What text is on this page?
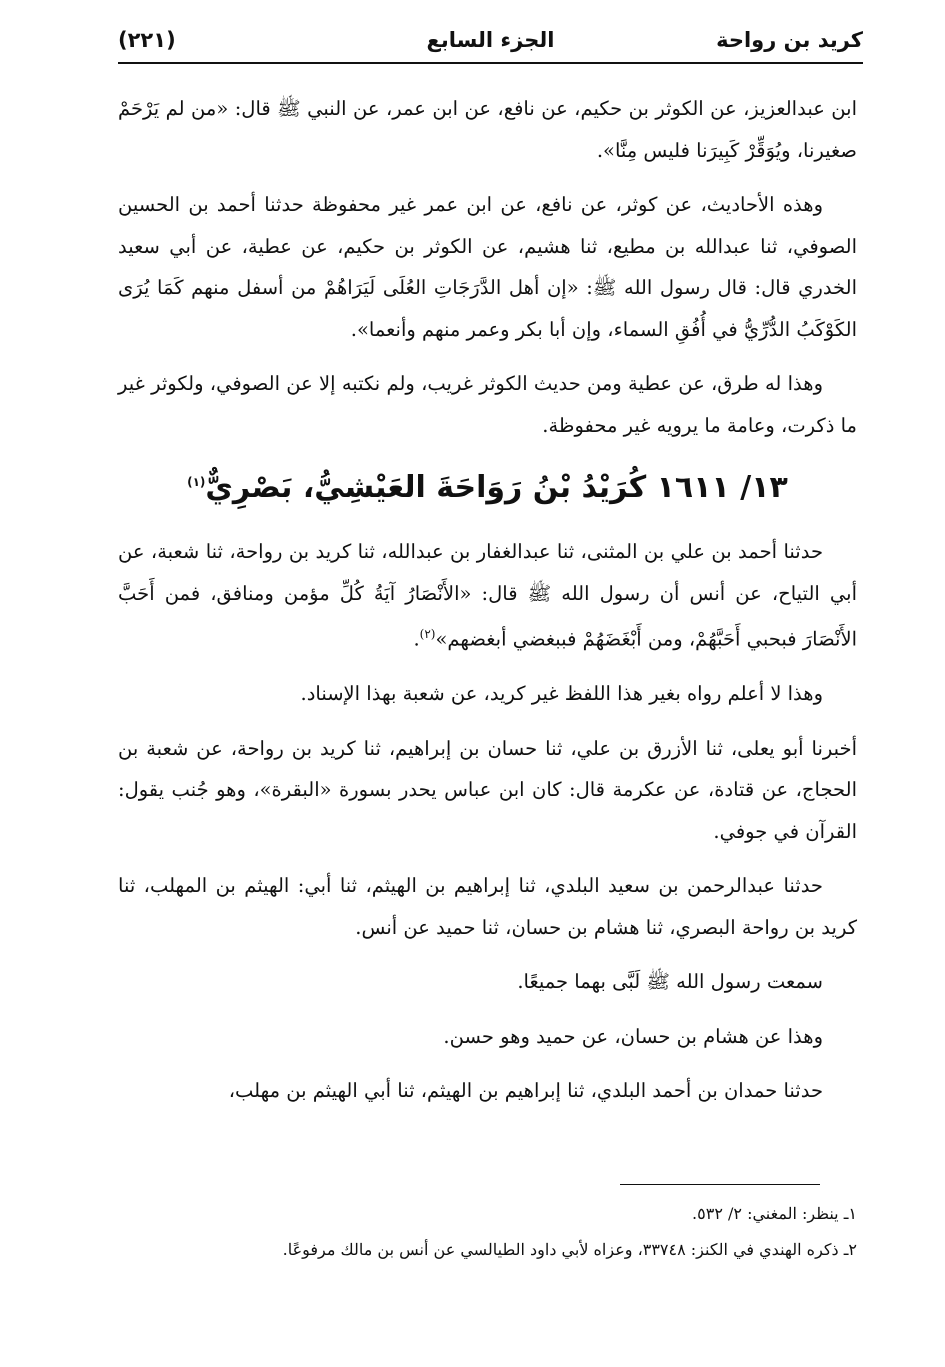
كريد بن رواحة
الجزء السابع
(٢٢١)

ابن عبدالعزيز، عن الكوثر بن حكيم، عن نافع، عن ابن عمر، عن النبي ﷺ قال: «من لم يَرْحَمْ صغيرنا، ويُوَقِّرْ كَبِيرَنا فليس مِنَّا».

وهذه الأحاديث، عن كوثر، عن نافع، عن ابن عمر غير محفوظة حدثنا أحمد بن الحسين الصوفي، ثنا عبدالله بن مطيع، ثنا هشيم، عن الكوثر بن حكيم، عن عطية، عن أبي سعيد الخدري قال: قال رسول الله ﷺ: «إن أهل الدَّرَجَاتِ العُلَى لَيَرَاهُمْ من أسفل منهم كَمَا يُرَى الكَوْكَبُ الدُّرِّيُّ في أُفُقِ السماء، وإن أبا بكر وعمر منهم وأنعما».

وهذا له طرق، عن عطية ومن حديث الكوثر غريب، ولم نكتبه إلا عن الصوفي، ولكوثر غير ما ذكرت، وعامة ما يرويه غير محفوظة.

١٣/ ١٦١١ كُرَيْدُ بْنُ رَوَاحَةَ العَيْشِيُّ، بَصْرِيٌّ$^{(١)}$

حدثنا أحمد بن علي بن المثنى، ثنا عبدالغفار بن عبدالله، ثنا كريد بن رواحة، ثنا شعبة، عن أبي التياح، عن أنس أن رسول الله ﷺ قال: «الأَنْصَارُ آيَةُ كُلِّ مؤمن ومنافق، فمن أَحَبَّ الأَنْصَارَ فبحبي أَحَبَّهُمْ، ومن أَبْغَضَهُمْ فببغضي أبغضهم»$^{(٢)}$.

وهذا لا أعلم رواه بغير هذا اللفظ غير كريد، عن شعبة بهذا الإسناد.

أخبرنا أبو يعلى، ثنا الأزرق بن علي، ثنا حسان بن إبراهيم، ثنا كريد بن رواحة، عن شعبة بن الحجاج، عن قتادة، عن عكرمة قال: كان ابن عباس يحدر بسورة «البقرة»، وهو جُنب يقول: القرآن في جوفي.

حدثنا عبدالرحمن بن سعيد البلدي، ثنا إبراهيم بن الهيثم، ثنا أبي: الهيثم بن المهلب، ثنا كريد بن رواحة البصري، ثنا هشام بن حسان، ثنا حميد عن أنس.

سمعت رسول الله ﷺ لَبَّى بهما جميعًا.

وهذا عن هشام بن حسان، عن حميد وهو حسن.

حدثنا حمدان بن أحمد البلدي، ثنا إبراهيم بن الهيثم، ثنا أبي الهيثم بن مهلب،

١ـ ينظر: المغني: ٢/ ٥٣٢.
٢ـ ذكره الهندي في الكنز: ٣٣٧٤٨، وعزاه لأبي داود الطيالسي عن أنس بن مالك مرفوعًا.
